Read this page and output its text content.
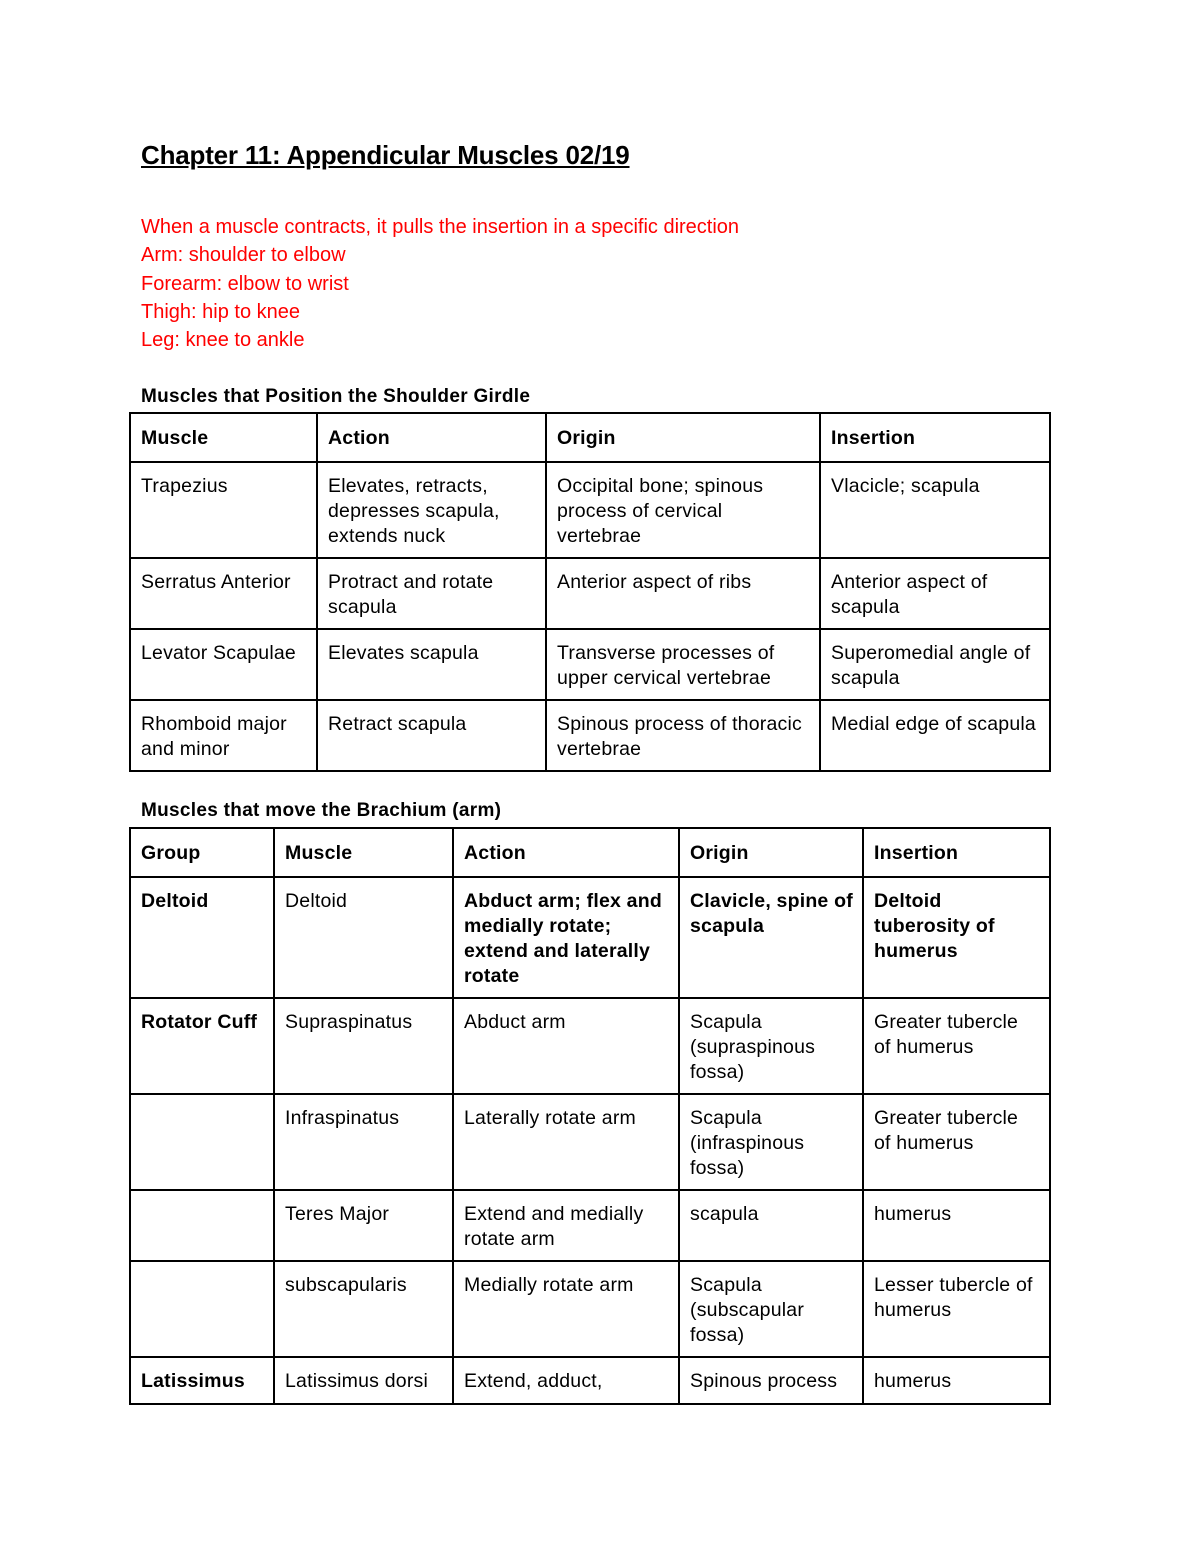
Chapter 11: Appendicular Muscles 02/19
When a muscle contracts, it pulls the insertion in a specific direction
Arm: shoulder to elbow
Forearm: elbow to wrist
Thigh: hip to knee
Leg: knee to ankle
Muscles that Position the Shoulder Girdle
Muscle	Action	Origin	Insertion
Trapezius	Elevates, retracts, depresses scapula, extends nuck	Occipital bone; spinous process of cervical vertebrae	Vlacicle; scapula
Serratus Anterior	Protract and rotate scapula	Anterior aspect of ribs	Anterior aspect of scapula
Levator Scapulae	Elevates scapula	Transverse processes of upper cervical vertebrae	Superomedial angle of scapula
Rhomboid major and minor	Retract scapula	Spinous process of thoracic vertebrae	Medial edge of scapula
Muscles that move the Brachium (arm)
Group	Muscle	Action	Origin	Insertion
Deltoid	Deltoid	Abduct arm; flex and medially rotate; extend and laterally rotate	Clavicle, spine of scapula	Deltoid tuberosity of humerus
Rotator Cuff	Supraspinatus	Abduct arm	Scapula (supraspinous fossa)	Greater tubercle of humerus
	Infraspinatus	Laterally rotate arm	Scapula (infraspinous fossa)	Greater tubercle of humerus
	Teres Major	Extend and medially rotate arm	scapula	humerus
	subscapularis	Medially rotate arm	Scapula (subscapular fossa)	Lesser tubercle of humerus
Latissimus	Latissimus dorsi	Extend, adduct,	Spinous process	humerus
